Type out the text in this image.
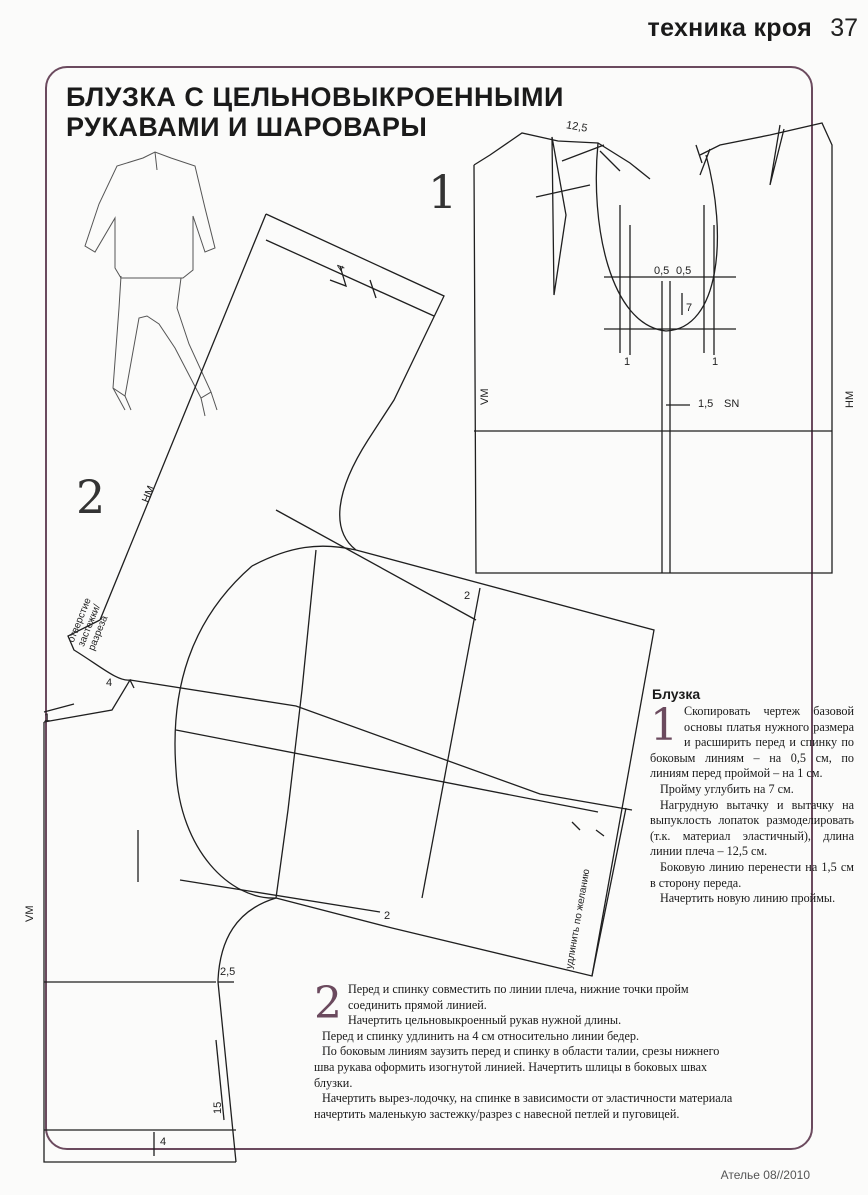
техника кроя 37
БЛУЗКА С ЦЕЛЬНОВЫКРОЕННЫМИ
РУКАВАМИ И ШАРОВАРЫ
1
2
12,5
0,5 0,5
7
1	1
1,5 SN
VM	HM
HM
VM
отверстие застежки/ разреза
4
4
1
2
2
2,5
15
4
удлинить по желанию
Блузка
1 Скопировать чертеж базовой основы платья нужного размера и расширить перед и спинку по боковым линиям – на 0,5 см, по линиям перед проймой – на 1 см.

Пройму углубить на 7 см.

Нагрудную вытачку и вытачку на выпуклость лопаток размоделировать (т.к. материал эластичный), длина линии плеча – 12,5 см.

Боковую линию перенести на 1,5 см в сторону переда.

Начертить новую линию проймы.

2 Перед и спинку совместить по линии плеча, нижние точки пройм соединить прямой линией.

Начертить цельновыкроенный рукав нужной длины.

Перед и спинку удлинить на 4 см относительно линии бедер.

По боковым линиям заузить перед и спинку в области талии, срезы нижнего шва рукава оформить изогнутой линией. Начертить шлицы в боковых швах блузки.

Начертить вырез-лодочку, на спинке в зависимости от эластичности материала начертить маленькую застежку/разрез с навесной петлей и пуговицей.

Ателье 08//2010
